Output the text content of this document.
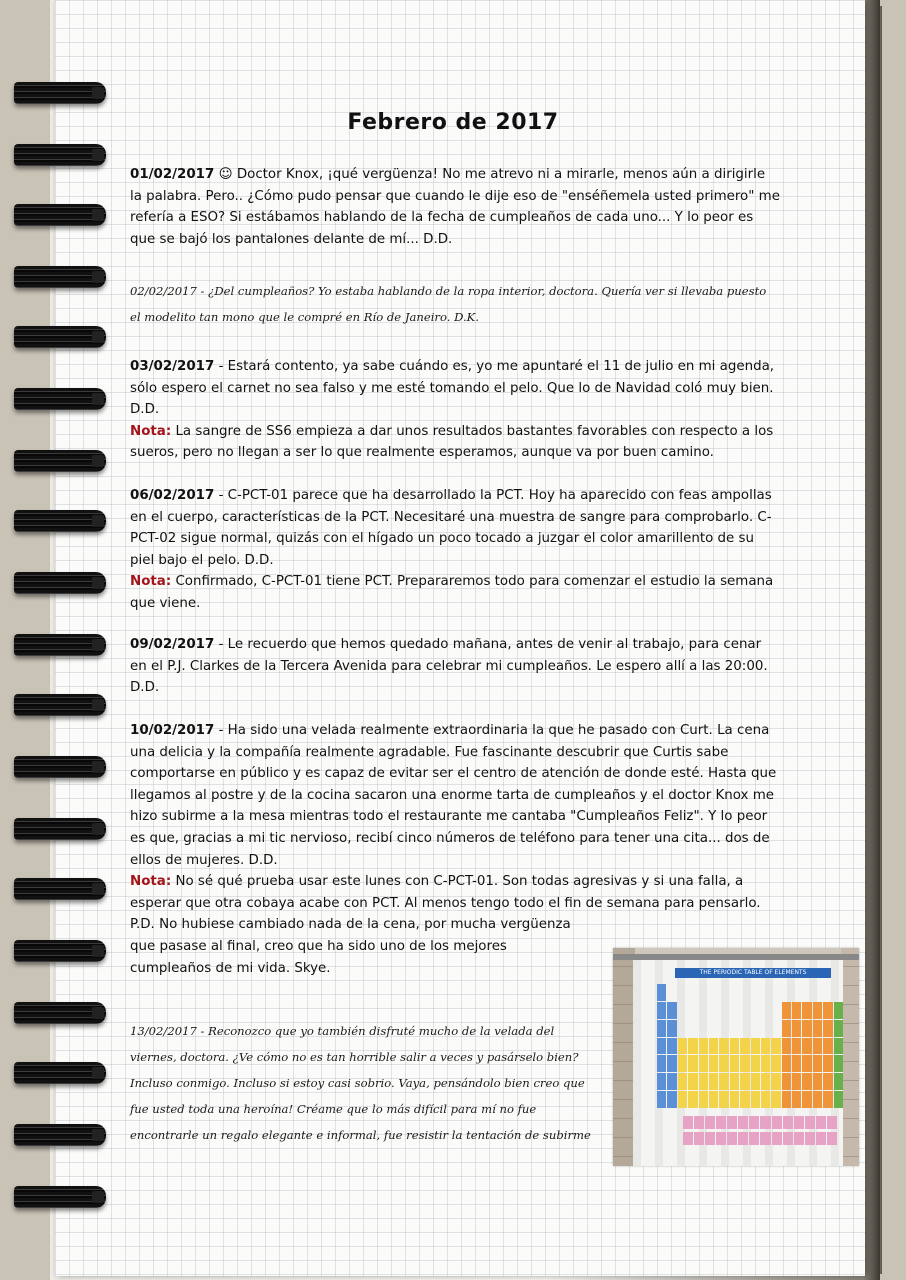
Febrero de 2017

01/02/2017 ☺ Doctor Knox, ¡qué vergüenza! No me atrevo ni a mirarle, menos aún a dirigirle la palabra. Pero.. ¿Cómo pudo pensar que cuando le dije eso de "enséñemela usted primero" me refería a ESO? Si estábamos hablando de la fecha de cumpleaños de cada uno... Y lo peor es que se bajó los pantalones delante de mí... D.D.

02/02/2017 - ¿Del cumpleaños? Yo estaba hablando de la ropa interior, doctora. Quería ver si llevaba puesto el modelito tan mono que le compré en Río de Janeiro. D.K.

03/02/2017 - Estará contento, ya sabe cuándo es, yo me apuntaré el 11 de julio en mi agenda, sólo espero el carnet no sea falso y me esté tomando el pelo. Que lo de Navidad coló muy bien. D.D.

Nota: La sangre de SS6 empieza a dar unos resultados bastantes favorables con respecto a los sueros, pero no llegan a ser lo que realmente esperamos, aunque va por buen camino.

06/02/2017 - C-PCT-01 parece que ha desarrollado la PCT. Hoy ha aparecido con feas ampollas en el cuerpo, características de la PCT. Necesitaré una muestra de sangre para comprobarlo. C-PCT-02 sigue normal, quizás con el hígado un poco tocado a juzgar el color amarillento de su piel bajo el pelo. D.D.

Nota: Confirmado, C-PCT-01 tiene PCT. Prepararemos todo para comenzar el estudio la semana que viene.

09/02/2017 - Le recuerdo que hemos quedado mañana, antes de venir al trabajo, para cenar en el P.J. Clarkes de la Tercera Avenida para celebrar mi cumpleaños. Le espero allí a las 20:00. D.D.

10/02/2017 - Ha sido una velada realmente extraordinaria la que he pasado con Curt. La cena una delicia y la compañía realmente agradable. Fue fascinante descubrir que Curtis sabe comportarse en público y es capaz de evitar ser el centro de atención de donde esté. Hasta que llegamos al postre y de la cocina sacaron una enorme tarta de cumpleaños y el doctor Knox me hizo subirme a la mesa mientras todo el restaurante me cantaba "Cumpleaños Feliz". Y lo peor es que, gracias a mi tic nervioso, recibí cinco números de teléfono para tener una cita... dos de ellos de mujeres. D.D.

Nota: No sé qué prueba usar este lunes con C-PCT-01. Son todas agresivas y si una falla, a esperar que otra cobaya acabe con PCT. Al menos tengo todo el fin de semana para pensarlo.

P.D. No hubiese cambiado nada de la cena, por mucha vergüenza que pasase al final, creo que ha sido uno de los mejores cumpleaños de mi vida. Skye.

13/02/2017 - Reconozco que yo también disfruté mucho de la velada del viernes, doctora. ¿Ve cómo no es tan horrible salir a veces y pasárselo bien? Incluso conmigo. Incluso si estoy casi sobrio. Vaya, pensándolo bien creo que fue usted toda una heroína! Créame que lo más difícil para mí no fue encontrarle un regalo elegante e informal, fue resistir la tentación de subirme
THE PERIODIC TABLE OF ELEMENTS
